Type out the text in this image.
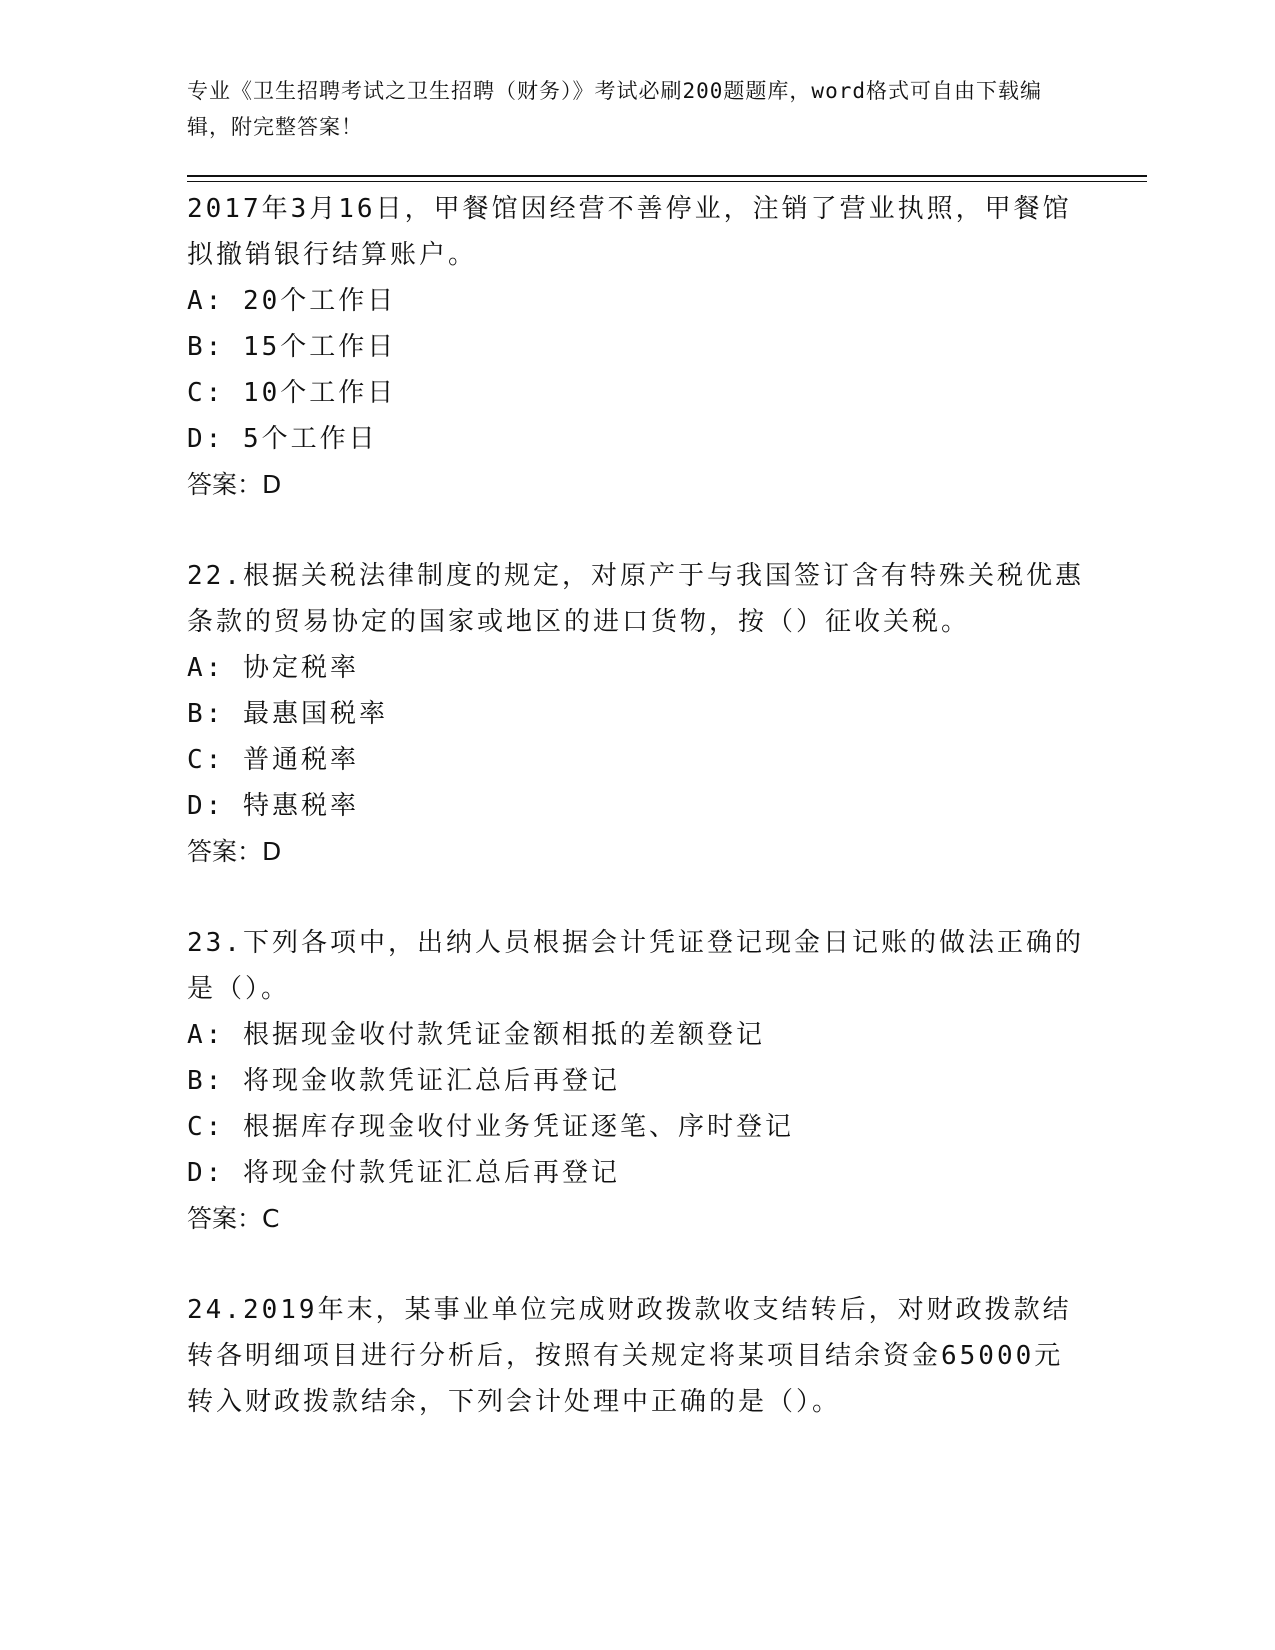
专业《卫生招聘考试之卫生招聘（财务）》考试必刷200题题库，word格式可自由下载编辑，附完整答案！

2017年3月16日，甲餐馆因经营不善停业，注销了营业执照，甲餐馆拟撤销银行结算账户。

A: 20个工作日

B: 15个工作日

C: 10个工作日

D: 5个工作日

答案：D

22.根据关税法律制度的规定，对原产于与我国签订含有特殊关税优惠条款的贸易协定的国家或地区的进口货物，按（）征收关税。

A: 协定税率

B: 最惠国税率

C: 普通税率

D: 特惠税率

答案：D

23.下列各项中，出纳人员根据会计凭证登记现金日记账的做法正确的是（）。

A: 根据现金收付款凭证金额相抵的差额登记

B: 将现金收款凭证汇总后再登记

C: 根据库存现金收付业务凭证逐笔、序时登记

D: 将现金付款凭证汇总后再登记

答案：C

24.2019年末，某事业单位完成财政拨款收支结转后，对财政拨款结转各明细项目进行分析后，按照有关规定将某项目结余资金65000元转入财政拨款结余，下列会计处理中正确的是（）。
